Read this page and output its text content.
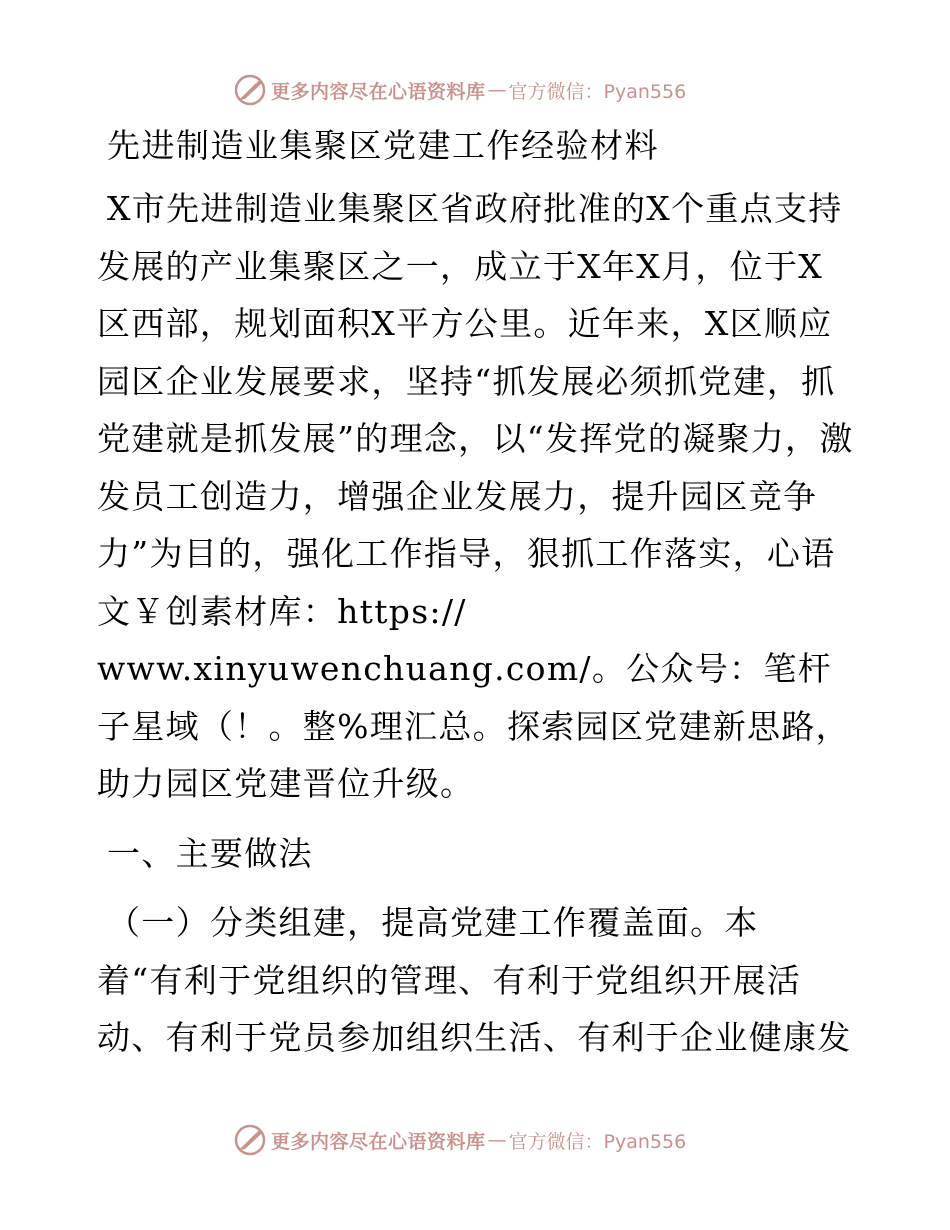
更多内容尽在心语资料库 — 官方微信：Pyan556
先进制造业集聚区党建工作经验材料

X市先进制造业集聚区省政府批准的X个重点支持发展的产业集聚区之一，成立于X年X月，位于X区西部，规划面积X平方公里。近年来，X区顺应园区企业发展要求，坚持“抓发展必须抓党建，抓党建就是抓发展”的理念，以“发挥党的凝聚力，激发员工创造力，增强企业发展力，提升园区竞争力”为目的，强化工作指导，狠抓工作落实，心语文￥创素材库：https://

www.xinyuwenchuang.com/。公众号：笔杆子星域（！。整%理汇总。探索园区党建新思路，助力园区党建晋位升级。

一、主要做法

（一）分类组建，提高党建工作覆盖面。本

着“有利于党组织的管理、有利于党组织开展活动、有利于党员参加组织生活、有利于企业健康发

更多内容尽在心语资料库 — 官方微信：Pyan556
